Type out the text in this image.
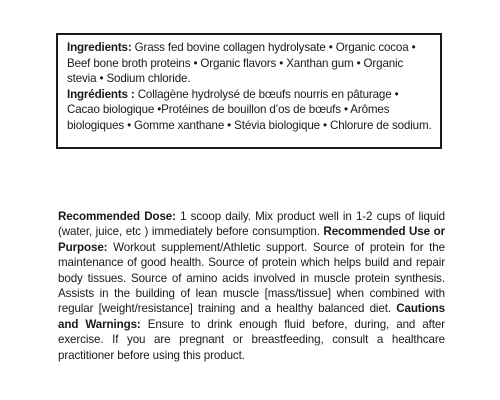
Ingredients: Grass fed bovine collagen hydrolysate • Organic cocoa • Beef bone broth proteins • Organic flavors • Xanthan gum • Organic stevia • Sodium chloride.

Ingrédients : Collagène hydrolysé de bœufs nourris en pâturage • Cacao biologique •Protéines de bouillon d’os de bœufs • Arômes biologiques • Gomme xanthane • Stévia biologique • Chlorure de sodium.

Recommended Dose: 1 scoop daily. Mix product well in 1-2 cups of liquid (water, juice, etc ) immediately before consumption. Recommended Use or Purpose: Workout supplement/Athletic support. Source of protein for the maintenance of good health. Source of protein which helps build and repair body tissues. Source of amino acids involved in muscle protein synthesis. Assists in the building of lean muscle [mass/tissue] when combined with regular [weight/resistance] training and a healthy balanced diet. Cautions and Warnings: Ensure to drink enough fluid before, during, and after exercise. If you are pregnant or breastfeeding, consult a healthcare practitioner before using this product.
